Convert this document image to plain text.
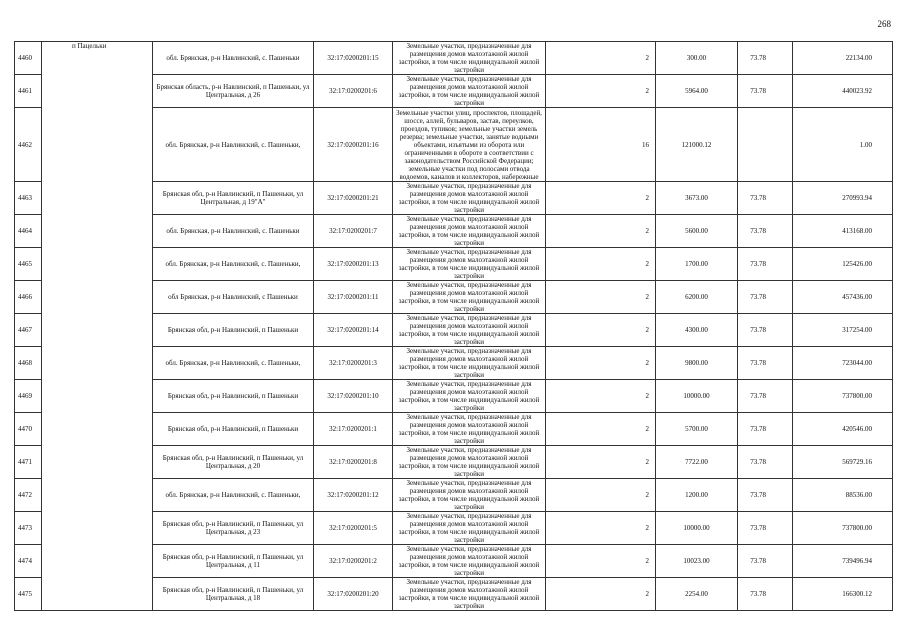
268
4460	п Пацельки	обл. Брянская, р-н Навлинский, с. Пашеньки	32:17:0200201:15	Земельные участки, предназначенные для размещения домов малоэтажной жилой застройки, в том числе индивидуальной жилой застройки	2	300.00	73.78	22134.00
4461		Брянская область, р-н Навлинский, п Пашеньки, ул Центральная, д 26	32:17:0200201:6	Земельные участки, предназначенные для размещения домов малоэтажной жилой застройки, в том числе индивидуальной жилой застройки	2	5964.00	73.78	440023.92
4462		обл. Брянская, р-н Навлинский, с. Пашеньки,	32:17:0200201:16	Земельные участки улиц, проспектов, площадей, шоссе, аллей, бульваров, застав, переулков, проездов, тупиков; земельные участки земель резерва; земельные участки, занятые водными объектами, изъятыми из оборота или ограниченными в обороте в соответствии с законодательством Российской Федерации; земельные участки под полосами отвода водоемов, каналов и коллекторов, набережные	16	121000.12		1.00
4463		Брянская обл, р-н Навлинский, п Пашеньки, ул Центральная, д 19"А"	32:17:0200201:21	Земельные участки, предназначенные для размещения домов малоэтажной жилой застройки, в том числе индивидуальной жилой застройки	2	3673.00	73.78	270993.94
4464		обл. Брянская, р-н Навлинский, с. Пашеньки	32:17:0200201:7	Земельные участки, предназначенные для размещения домов малоэтажной жилой застройки, в том числе индивидуальной жилой застройки	2	5600.00	73.78	413168.00
4465		обл. Брянская, р-н Навлинский, с. Пашеньки,	32:17:0200201:13	Земельные участки, предназначенные для размещения домов малоэтажной жилой застройки, в том числе индивидуальной жилой застройки	2	1700.00	73.78	125426.00
4466		обл Брянская, р-н Навлинский, с Пашеньки	32:17:0200201:11	Земельные участки, предназначенные для размещения домов малоэтажной жилой застройки, в том числе индивидуальной жилой застройки	2	6200.00	73.78	457436.00
4467		Брянская обл, р-н Навлинский, п Пашеньки	32:17:0200201:14	Земельные участки, предназначенные для размещения домов малоэтажной жилой застройки, в том числе индивидуальной жилой застройки	2	4300.00	73.78	317254.00
4468		обл. Брянская, р-н Навлинский, с. Пашеньки,	32:17:0200201:3	Земельные участки, предназначенные для размещения домов малоэтажной жилой застройки, в том числе индивидуальной жилой застройки	2	9800.00	73.78	723044.00
4469		Брянская обл, р-н Навлинский, п Пашеньки	32:17:0200201:10	Земельные участки, предназначенные для размещения домов малоэтажной жилой застройки, в том числе индивидуальной жилой застройки	2	10000.00	73.78	737800.00
4470		Брянская обл, р-н Навлинский, п Пашеньки	32:17:0200201:1	Земельные участки, предназначенные для размещения домов малоэтажной жилой застройки, в том числе индивидуальной жилой застройки	2	5700.00	73.78	420546.00
4471		Брянская обл, р-н Навлинский, п Пашеньки, ул Центральная, д 20	32:17:0200201:8	Земельные участки, предназначенные для размещения домов малоэтажной жилой застройки, в том числе индивидуальной жилой застройки	2	7722.00	73.78	569729.16
4472		обл. Брянская, р-н Навлинский, с. Пашеньки,	32:17:0200201:12	Земельные участки, предназначенные для размещения домов малоэтажной жилой застройки, в том числе индивидуальной жилой застройки	2	1200.00	73.78	88536.00
4473		Брянская обл, р-н Навлинский, п Пашеньки, ул Центральная, д 23	32:17:0200201:5	Земельные участки, предназначенные для размещения домов малоэтажной жилой застройки, в том числе индивидуальной жилой застройки	2	10000.00	73.78	737800.00
4474		Брянская обл, р-н Навлинский, п Пашеньки, ул Центральная, д 11	32:17:0200201:2	Земельные участки, предназначенные для размещения домов малоэтажной жилой застройки, в том числе индивидуальной жилой застройки	2	10023.00	73.78	739496.94
4475		Брянская обл, р-н Навлинский, п Пашеньки, ул Центральная, д 18	32:17:0200201:20	Земельные участки, предназначенные для размещения домов малоэтажной жилой застройки, в том числе индивидуальной жилой застройки	2	2254.00	73.78	166300.12
